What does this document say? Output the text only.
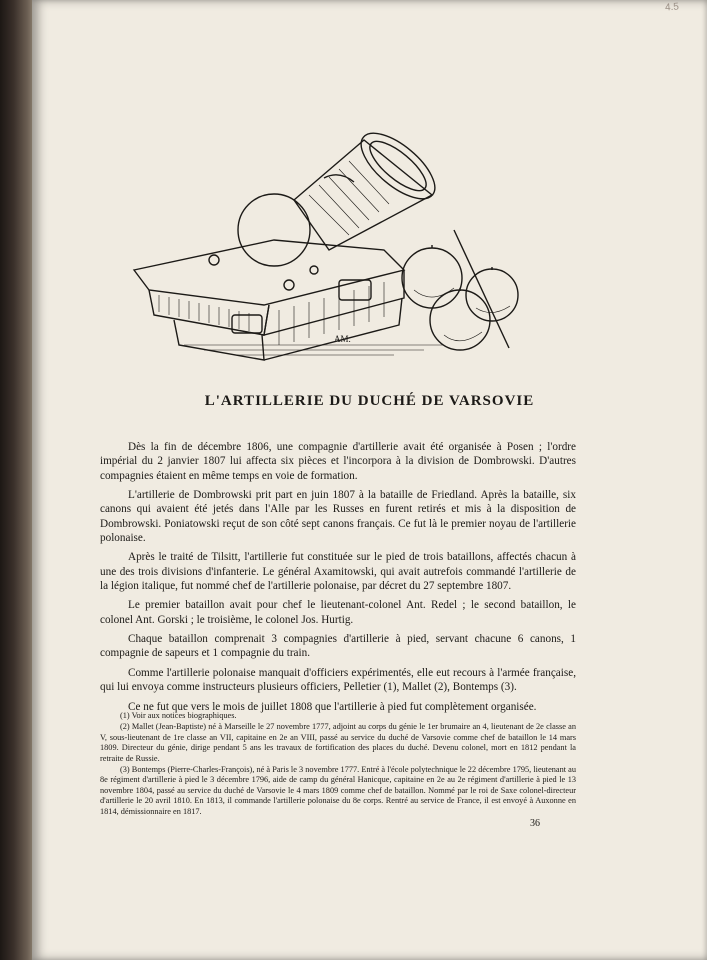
4.5
AM.
L'ARTILLERIE DU DUCHÉ DE VARSOVIE

Dès la fin de décembre 1806, une compagnie d'artillerie avait été organisée à Posen ; l'ordre impérial du 2 janvier 1807 lui affecta six pièces et l'incorpora à la division de Dombrowski. D'autres compagnies étaient en même temps en voie de formation.

L'artillerie de Dombrowski prit part en juin 1807 à la bataille de Friedland. Après la bataille, six canons qui avaient été jetés dans l'Alle par les Russes en furent retirés et mis à la disposition de Dombrowski. Poniatowski reçut de son côté sept canons français. Ce fut là le premier noyau de l'artillerie polonaise.

Après le traité de Tilsitt, l'artillerie fut constituée sur le pied de trois bataillons, affectés chacun à une des trois divisions d'infanterie. Le général Axamitowski, qui avait autrefois commandé l'artillerie de la légion italique, fut nommé chef de l'artillerie polonaise, par décret du 27 septembre 1807.

Le premier bataillon avait pour chef le lieutenant-colonel Ant. Redel ; le second bataillon, le colonel Ant. Gorski ; le troisième, le colonel Jos. Hurtig.

Chaque bataillon comprenait 3 compagnies d'artillerie à pied, servant chacune 6 canons, 1 compagnie de sapeurs et 1 compagnie du train.

Comme l'artillerie polonaise manquait d'officiers expérimentés, elle eut recours à l'armée française, qui lui envoya comme instructeurs plusieurs officiers, Pelletier (1), Mallet (2), Bontemps (3).

Ce ne fut que vers le mois de juillet 1808 que l'artillerie à pied fut complètement organisée.

(1) Voir aux notices biographiques.

(2) Mallet (Jean-Baptiste) né à Marseille le 27 novembre 1777, adjoint au corps du génie le 1er brumaire an 4, lieutenant de 2e classe an V, sous-lieutenant de 1re classe an VII, capitaine en 2e an VIII, passé au service du duché de Varsovie comme chef de bataillon le 14 mars 1809. Directeur du génie, dirige pendant 5 ans les travaux de fortification des places du duché. Devenu colonel, mort en 1812 pendant la retraite de Russie.

(3) Bontemps (Pierre-Charles-François), né à Paris le 3 novembre 1777. Entré à l'école polytechnique le 22 décembre 1795, lieutenant au 8e régiment d'artillerie à pied le 3 décembre 1796, aide de camp du général Hanicque, capitaine en 2e au 2e régiment d'artillerie à pied le 13 novembre 1804, passé au service du duché de Varsovie le 4 mars 1809 comme chef de bataillon. Nommé par le roi de Saxe colonel-directeur d'artillerie le 20 avril 1810. En 1813, il commande l'artillerie polonaise du 8e corps. Rentré au service de France, il est envoyé à Auxonne en 1814, démissionnaire en 1817.

36
